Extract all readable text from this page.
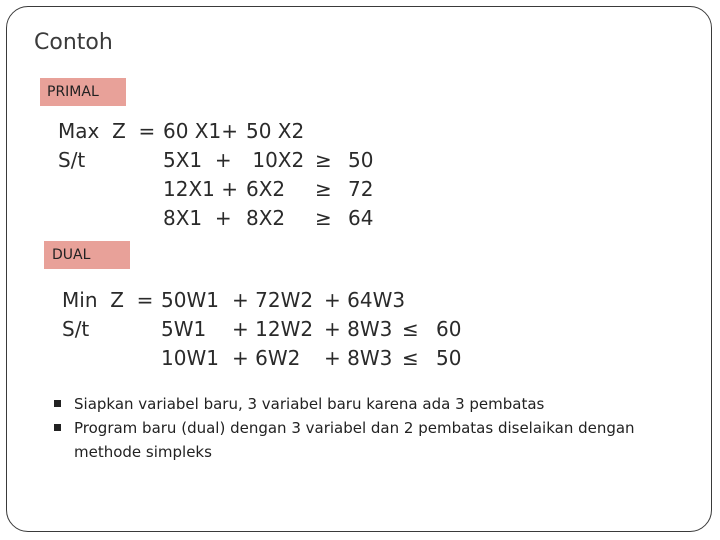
Contoh
PRIMAL

Max  Z  =

60 X1+

50 X2

S/t

	5X1  +

10X2

≥

50

12X1 +

6X2

≥

72

8X1  +

8X2

≥

64

DUAL

Min  Z  =

50W1

+ 72W2

+ 64W3

S/t

	5W1

+ 12W2

+ 8W3

≤

60

10W1

+ 6W2

+ 8W3

≤

50

Siapkan variabel baru, 3 variabel baru karena ada 3 pembatas
Program baru (dual) dengan 3 variabel dan 2 pembatas diselaikan dengan methode simpleks
